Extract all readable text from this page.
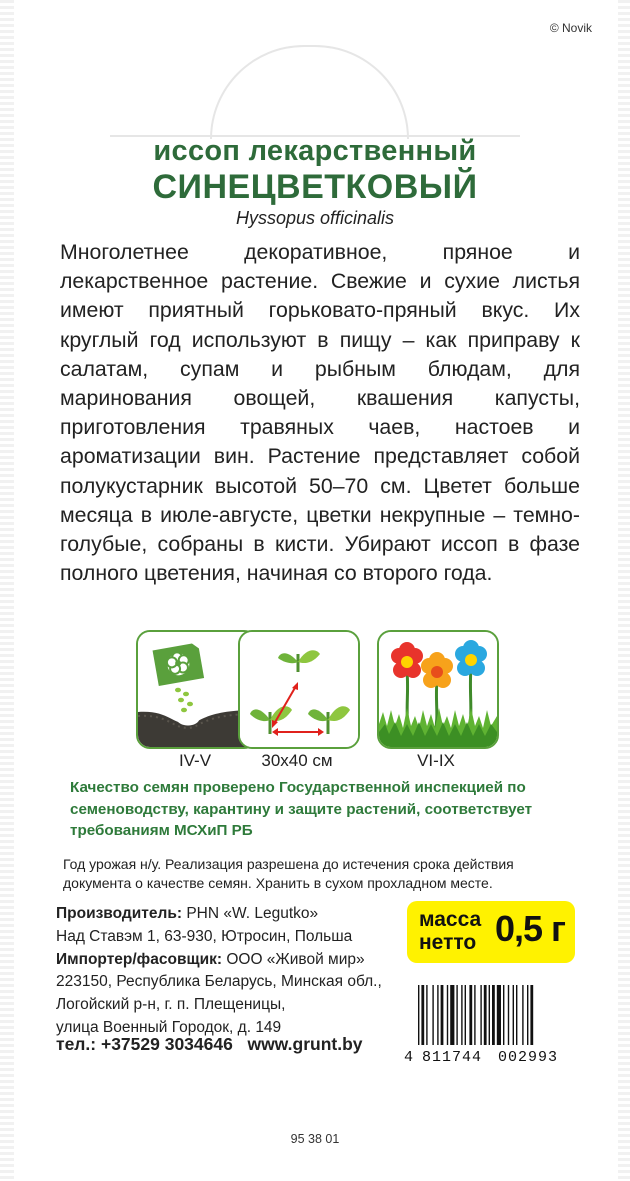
© Novik
иссоп лекарственный
СИНЕЦВЕТКОВЫЙ
Hyssopus officinalis

Многолетнее декоративное, пряное и лекарственное растение. Свежие и сухие листья имеют приятный горьковато-пряный вкус. Их круглый год используют в пищу – как приправу к салатам, супам и рыбным блюдам, для маринования овощей, квашения капусты, приготовления травяных чаев, настоев и ароматизации вин. Растение представляет собой полукустарник высотой 50–70 см. Цветет больше месяца в июле-августе, цветки некрупные – темно-голубые, собраны в кисти. Убирают иссоп в фазе полного цветения, начиная со второго года.

IV-V	30x40 см	VI-IX

Качество семян проверено Государственной инспекцией по семеноводству, карантину и защите растений, соответствует требованиям МСХиП РБ

Год урожая н/у. Реализация разрешена до истечения срока действия документа о качестве семян. Хранить в сухом прохладном месте.

Производитель: PHN «W. Legutko»
Над Ставэм 1, 63-930, Ютросин, Польша
Импортер/фасовщик: ООО «Живой мир»
223150, Республика Беларусь, Минская обл.,
Логойский р-н, г. п. Плещеницы,
улица Военный Городок, д. 149
тел.: +37529 3034646 www.grunt.by
масса
нетто 0,5 г
4 811744 002993
95 38 01
